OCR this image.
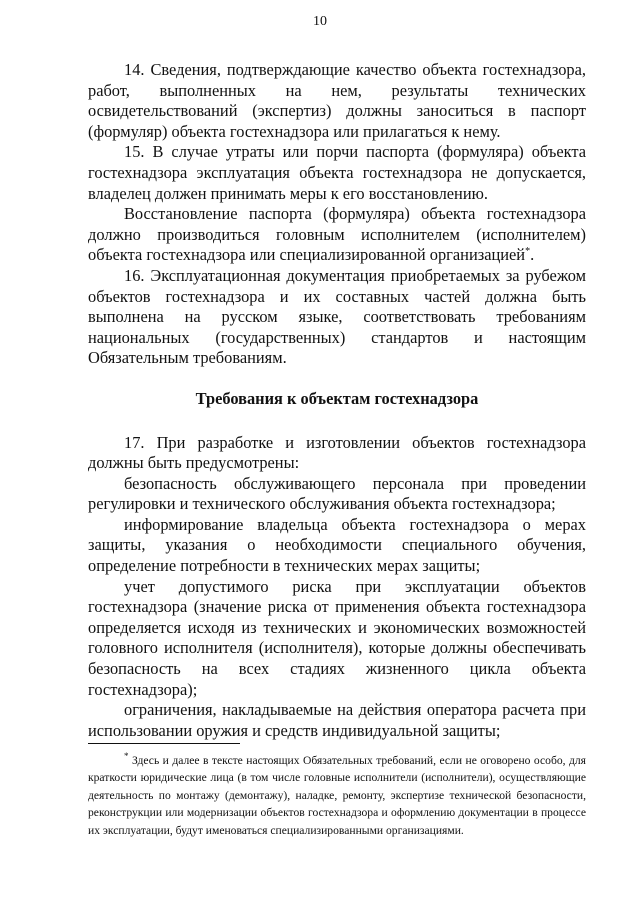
10

14. Сведения, подтверждающие качество объекта гостехнадзора, работ, выполненных на нем, результаты технических освидетельствований (экспертиз) должны заноситься в паспорт (формуляр) объекта гостехнадзора или прилагаться к нему.

15. В случае утраты или порчи паспорта (формуляра) объекта гостехнадзора эксплуатация объекта гостехнадзора не допускается, владелец должен принимать меры к его восстановлению.

Восстановление паспорта (формуляра) объекта гостехнадзора должно производиться головным исполнителем (исполнителем) объекта гостехнадзора или специализированной организацией*.

16. Эксплуатационная документация приобретаемых за рубежом объектов гостехнадзора и их составных частей должна быть выполнена на русском языке, соответствовать требованиям национальных (государственных) стандартов и настоящим Обязательным требованиям.

Требования к объектам гостехнадзора

17. При разработке и изготовлении объектов гостехнадзора должны быть предусмотрены:

безопасность обслуживающего персонала при проведении регулировки и технического обслуживания объекта гостехнадзора;

информирование владельца объекта гостехнадзора о мерах защиты, указания о необходимости специального обучения, определение потребности в технических мерах защиты;

учет допустимого риска при эксплуатации объектов гостехнадзора (значение риска от применения объекта гостехнадзора определяется исходя из технических и экономических возможностей головного исполнителя (исполнителя), которые должны обеспечивать безопасность на всех стадиях жизненного цикла объекта гостехнадзора);

ограничения, накладываемые на действия оператора расчета при использовании оружия и средств индивидуальной защиты;

* Здесь и далее в тексте настоящих Обязательных требований, если не оговорено особо, для краткости юридические лица (в том числе головные исполнители (исполнители), осуществляющие деятельность по монтажу (демонтажу), наладке, ремонту, экспертизе технической безопасности, реконструкции или модернизации объектов гостехнадзора и оформлению документации в процессе их эксплуатации, будут именоваться специализированными организациями.
